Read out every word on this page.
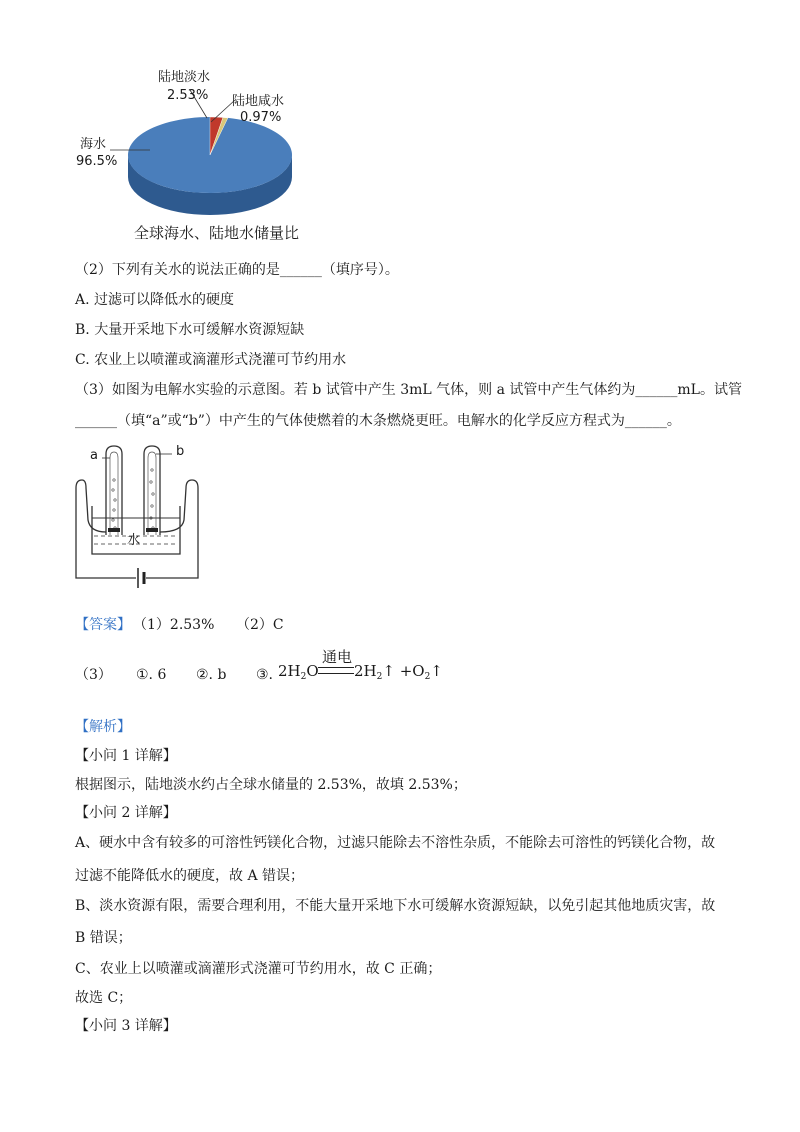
陆地淡水
2.53% 陆地咸水
0.97%
海水
96.5%
全球海水、陆地水储量比
（2）下列有关水的说法正确的是______（填序号）。
A. 过滤可以降低水的硬度
B. 大量开采地下水可缓解水资源短缺
C. 农业上以喷灌或滴灌形式浇灌可节约用水
（3）如图为电解水实验的示意图。若 b 试管中产生 3mL 气体，则 a 试管中产生气体约为______mL。试管
______（填“a”或“b”）中产生的气体使燃着的木条燃烧更旺。电解水的化学反应方程式为______。
a	b
水
【答案】 （1）2.53% （2）C
（3） ①. 6 ②. b ③. $2H_2O$
通电
$2H_2↑$ $+O_2↑$
【解析】
【小问 1 详解】
根据图示，陆地淡水约占全球水储量的 2.53%，故填 2.53%；
【小问 2 详解】
A、硬水中含有较多的可溶性钙镁化合物，过滤只能除去不溶性杂质，不能除去可溶性的钙镁化合物，故
过滤不能降低水的硬度，故 A 错误；
B、淡水资源有限，需要合理利用，不能大量开采地下水可缓解水资源短缺，以免引起其他地质灾害，故
B 错误；
C、农业上以喷灌或滴灌形式浇灌可节约用水，故 C 正确；
故选 C；
【小问 3 详解】
